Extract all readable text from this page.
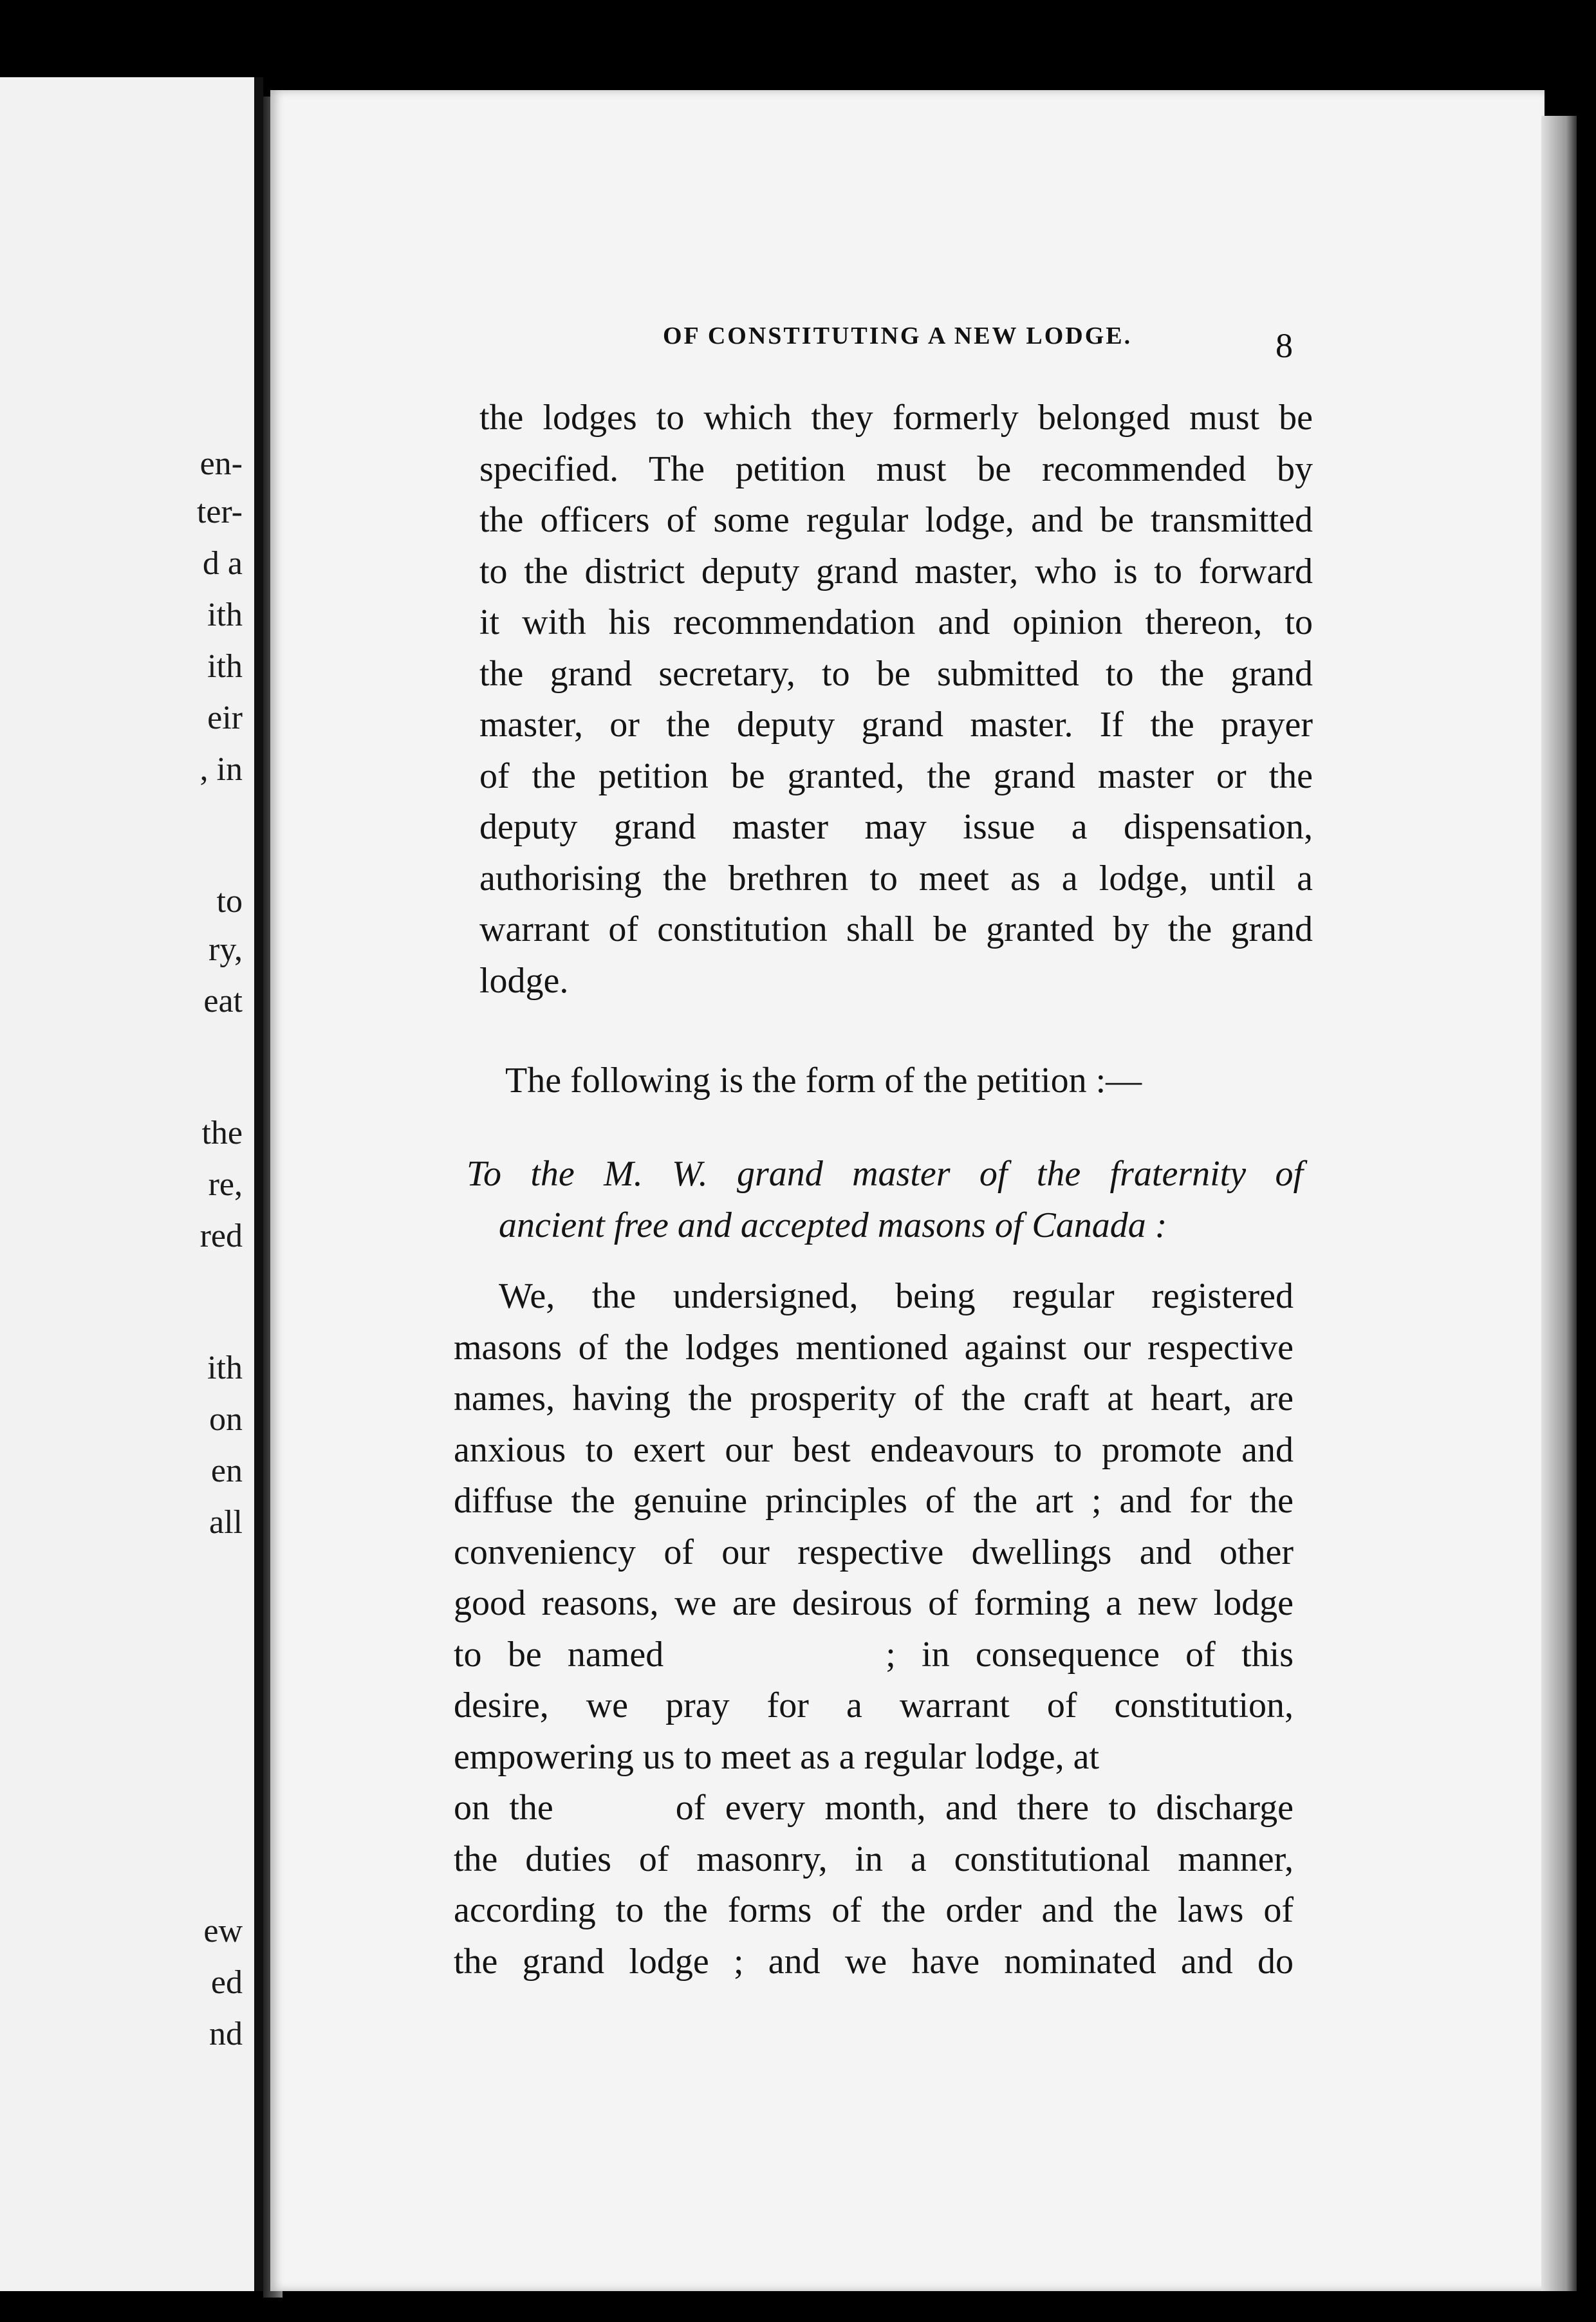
en-
ter-
d a
ith
ith
eir
, in
to
ry,
eat
the
re,
red
ith
on
en
all
ew
ed
nd
OF CONSTITUTING A NEW LODGE.	8
the lodges to which they formerly belonged must be
specified. The petition must be recommended by
the officers of some regular lodge, and be transmitted
to the district deputy grand master, who is to forward
it with his recommendation and opinion thereon, to
the grand secretary, to be submitted to the grand
master, or the deputy grand master. If the prayer
of the petition be granted, the grand master or the
deputy grand master may issue a dispensation,
authorising the brethren to meet as a lodge, until a
warrant of constitution shall be granted by the grand
lodge.
The following is the form of the petition :—
To the M. W. grand master of the fraternity of
ancient free and accepted masons of Canada :
We, the undersigned, being regular registered
masons of the lodges mentioned against our respective
names, having the prosperity of the craft at heart, are
anxious to exert our best endeavours to promote and
diffuse the genuine principles of the art ; and for the
conveniency of our respective dwellings and other
good reasons, we are desirous of forming a new lodge
to be named	; in consequence of this
desire, we pray for a warrant of constitution,
empowering us to meet as a regular lodge, at
on the	of every month, and there to discharge
the duties of masonry, in a constitutional manner,
according to the forms of the order and the laws of
the grand lodge ; and we have nominated and do
